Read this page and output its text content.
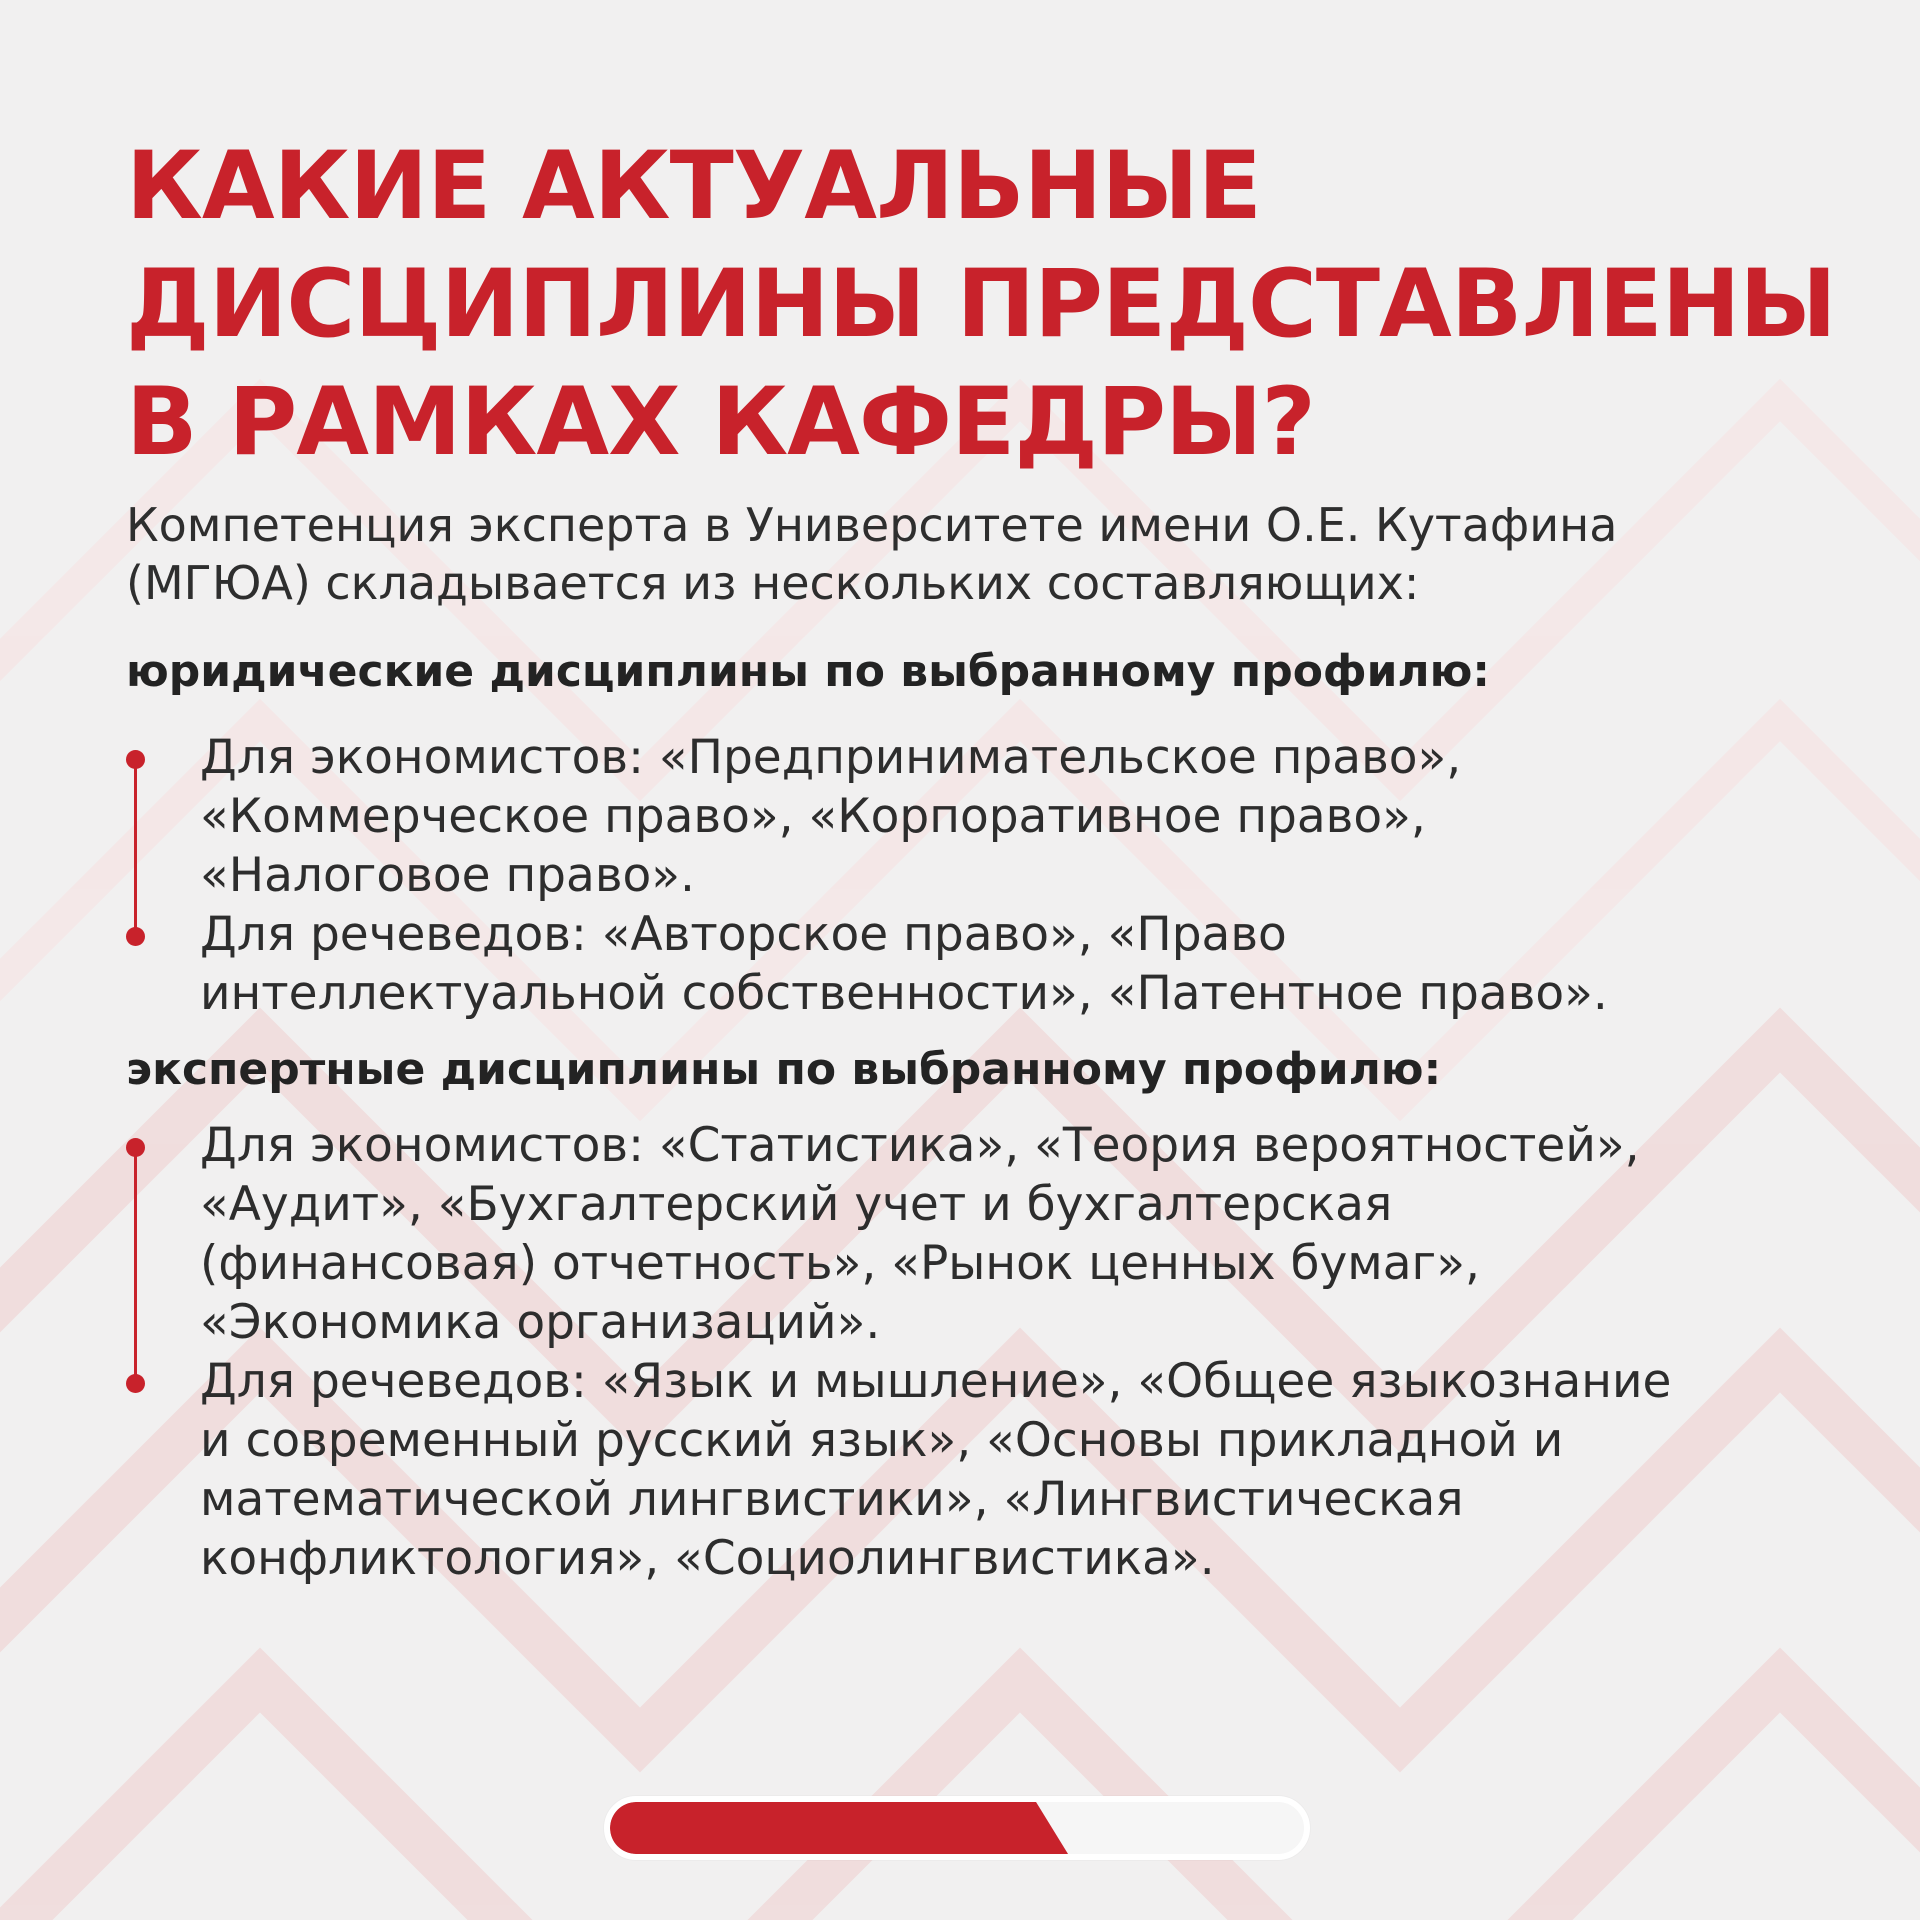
КАКИЕ АКТУАЛЬНЫЕ
ДИСЦИПЛИНЫ ПРЕДСТАВЛЕНЫ
В РАМКАХ КАФЕДРЫ?
Компетенция эксперта в Университете имени О.Е. Кутафина
(МГЮА) складывается из нескольких составляющих:
юридические дисциплины по выбранному профилю:
Для экономистов: «Предпринимательское право»,
«Коммерческое право», «Корпоративное право»,
«Налоговое право».
Для речеведов: «Авторское право», «Право
интеллектуальной собственности», «Патентное право».
экспертные дисциплины по выбранному профилю:
Для экономистов: «Статистика», «Теория вероятностей»,
«Аудит», «Бухгалтерский учет и бухгалтерская
(финансовая) отчетность», «Рынок ценных бумаг»,
«Экономика организаций».
Для речеведов: «Язык и мышление», «Общее языкознание
и современный русский язык», «Основы прикладной и
математической лингвистики», «Лингвистическая
конфликтология», «Социолингвистика».
